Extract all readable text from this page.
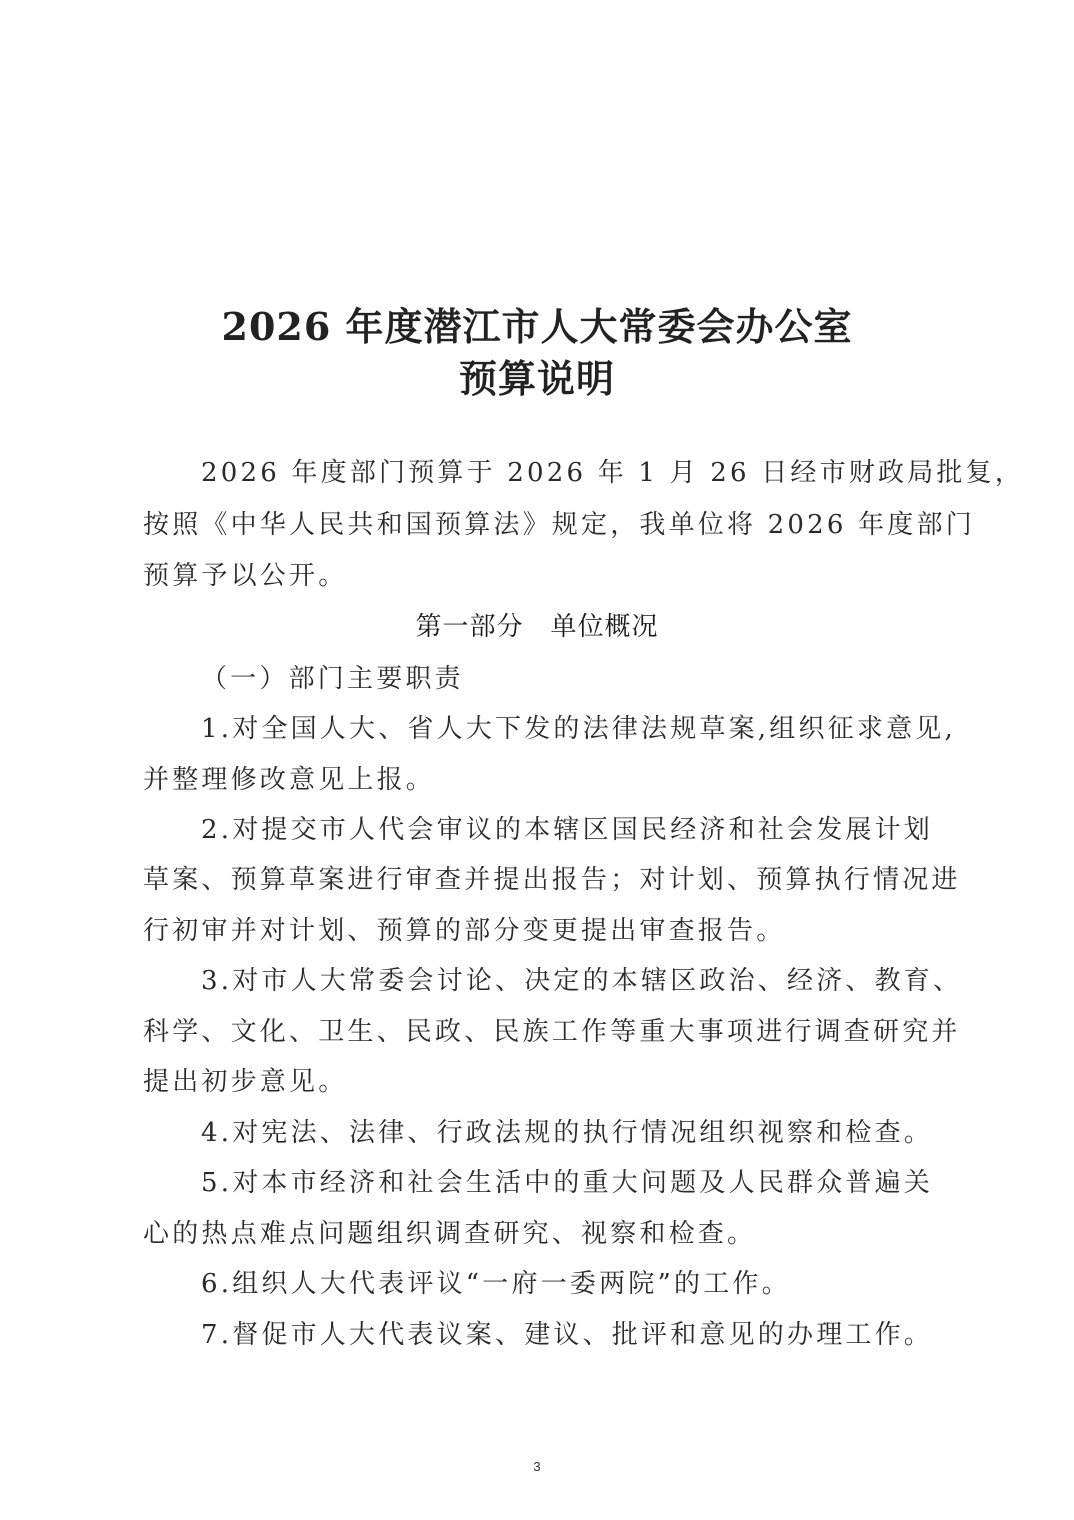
2026 年度潜江市人大常委会办公室
预算说明
2026 年度部门预算于 2026 年 1 月 26 日经市财政局批复，
按照《中华人民共和国预算法》规定，我单位将 2026 年度部门
预算予以公开。
（一）部门主要职责
1.对全国人大、省人大下发的法律法规草案,组织征求意见,
并整理修改意见上报。
2.对提交市人代会审议的本辖区国民经济和社会发展计划
草案、预算草案进行审查并提出报告；对计划、预算执行情况进
行初审并对计划、预算的部分变更提出审查报告。
3.对市人大常委会讨论、决定的本辖区政治、经济、教育、
科学、文化、卫生、民政、民族工作等重大事项进行调查研究并
提出初步意见。
4.对宪法、法律、行政法规的执行情况组织视察和检查。
5.对本市经济和社会生活中的重大问题及人民群众普遍关
心的热点难点问题组织调查研究、视察和检查。
6.组织人大代表评议“一府一委两院”的工作。
7.督促市人大代表议案、建议、批评和意见的办理工作。
第一部分　单位概况
3
